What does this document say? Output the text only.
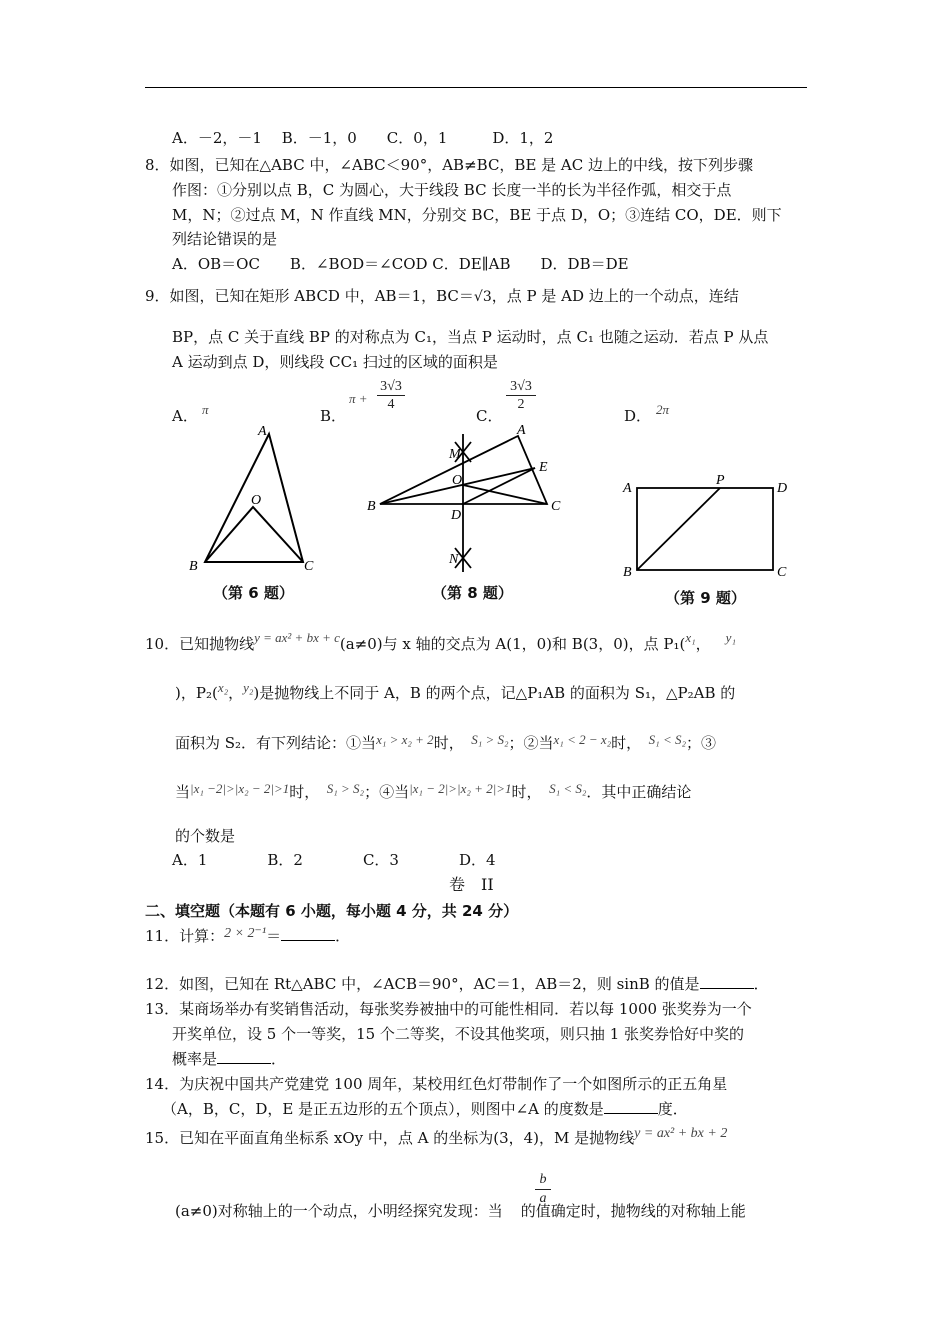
A．－2，－1　 B．－1，0　　C．0，1　　　D．1，2
8．如图，已知在△ABC 中，∠ABC＜90°，AB≠BC，BE 是 AC 边上的中线，按下列步骤
作图：①分别以点 B，C 为圆心，大于线段 BC 长度一半的长为半径作弧，相交于点
M，N；②过点 M，N 作直线 MN，分别交 BC，BE 于点 D，O；③连结 CO，DE．则下
列结论错误的是
A．OB＝OC　　B．∠BOD＝∠COD C．DE∥AB　　D．DB＝DE
9．如图，已知在矩形 ABCD 中，AB＝1，BC＝√3，点 P 是 AD 边上的一个动点，连结
BP，点 C 关于直线 BP 的对称点为 C₁，当点 P 运动时，点 C₁ 也随之运动．若点 P 从点
A 运动到点 D，则线段 CC₁ 扫过的区域的面积是
A． π	B．
$\pi + \frac{3√3}{4}$
C．
$\frac{3√3}{2}$
D． 2π
A
O
B	C
（第 6 题）
A
M
E
O
B
D
C
N
（第 8 题）
A
P
D
B	C
（第 9 题）
10．已知抛物线y = ax² + bx + c(a≠0)与 x 轴的交点为 A(1，0)和 B(3，0)，点 P₁(x₁，  y₁
)，P₂(x₂，y₂)是抛物线上不同于 A，B 的两个点，记△P₁AB 的面积为 S₁，△P₂AB 的
面积为 S₂．有下列结论：①当x₁ > x₂ + 2时，  S₁ > S₂；②当x₁ < 2 − x₂时，  S₁ < S₂；③
当|x₁ −2|>|x₂ − 2|>1时，  S₁ > S₂；④当|x₁ − 2|>|x₂ + 2|>1时，  S₁ < S₂．其中正确结论
的个数是
A．1　　　　B．2　　　　C．3　　　　D．4
卷　II
二、填空题（本题有 6 小题，每小题 4 分，共 24 分）
11．计算：2 × 2⁻¹＝	．
12．如图，已知在 Rt△ABC 中，∠ACB＝90°，AC＝1，AB＝2，则 sinB 的值是	．
13．某商场举办有奖销售活动，每张奖券被抽中的可能性相同．若以每 1000 张奖券为一个
开奖单位，设 5 个一等奖，15 个二等奖，不设其他奖项，则只抽 1 张奖券恰好中奖的
概率是	．
14．为庆祝中国共产党建党 100 周年，某校用红色灯带制作了一个如图所示的正五角星
（A，B，C，D，E 是正五边形的五个顶点），则图中∠A 的度数是	度．
15．已知在平面直角坐标系 xOy 中，点 A 的坐标为(3，4)，M 是抛物线y = ax² + bx + 2
$\frac{b}{a}$
(a≠0)对称轴上的一个动点，小明经探究发现：当 的值确定时，抛物线的对称轴上能
